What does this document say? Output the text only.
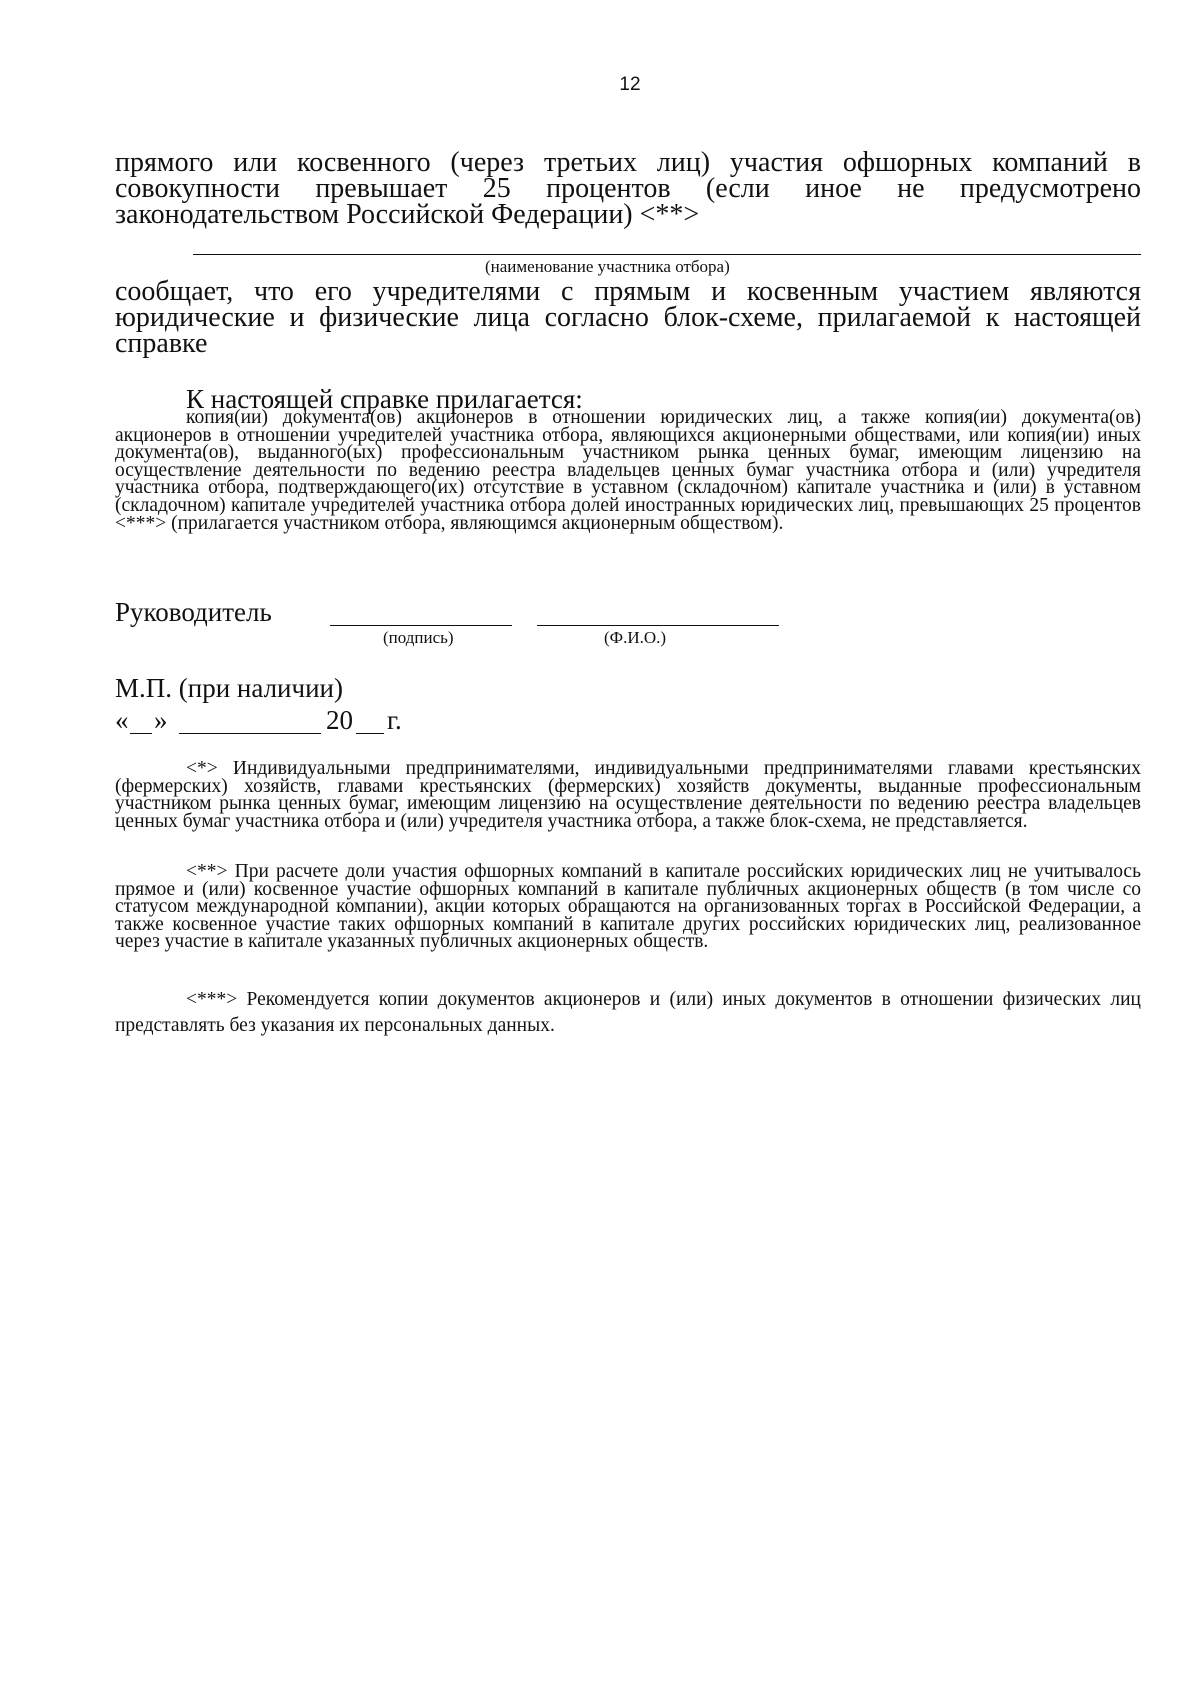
12
прямого или косвенного (через третьих лиц) участия офшорных компаний в совокупности превышает 25 процентов (если иное не предусмотрено законодательством Российской Федерации) <**>
(наименование участника отбора)
сообщает, что его учредителями с прямым и косвенным участием являются юридические и физические лица согласно блок-схеме, прилагаемой к настоящей справке
К настоящей справке прилагается:
копия(ии) документа(ов) акционеров в отношении юридических лиц, а также копия(ии) документа(ов) акционеров в отношении учредителей участника отбора, являющихся акционерными обществами, или копия(ии) иных документа(ов), выданного(ых) профессиональным участником рынка ценных бумаг, имеющим лицензию на осуществление деятельности по ведению реестра владельцев ценных бумаг участника отбора и (или) учредителя участника отбора, подтверждающего(их) отсутствие в уставном (складочном) капитале участника и (или) в уставном (складочном) капитале учредителей участника отбора долей иностранных юридических лиц, превышающих 25 процентов <***> (прилагается участником отбора, являющимся акционерным обществом).
Руководитель
(подпись)	(Ф.И.О.)
М.П. (при наличии)
« »	20 г.
<*> Индивидуальными предпринимателями, индивидуальными предпринимателями главами крестьянских (фермерских) хозяйств, главами крестьянских (фермерских) хозяйств документы, выданные профессиональным участником рынка ценных бумаг, имеющим лицензию на осуществление деятельности по ведению реестра владельцев ценных бумаг участника отбора и (или) учредителя участника отбора, а также блок-схема, не представляется.
<**> При расчете доли участия офшорных компаний в капитале российских юридических лиц не учитывалось прямое и (или) косвенное участие офшорных компаний в капитале публичных акционерных обществ (в том числе со статусом международной компании), акции которых обращаются на организованных торгах в Российской Федерации, а также косвенное участие таких офшорных компаний в капитале других российских юридических лиц, реализованное через участие в капитале указанных публичных акционерных обществ.
<***> Рекомендуется копии документов акционеров и (или) иных документов в отношении физических лиц представлять без указания их персональных данных.
